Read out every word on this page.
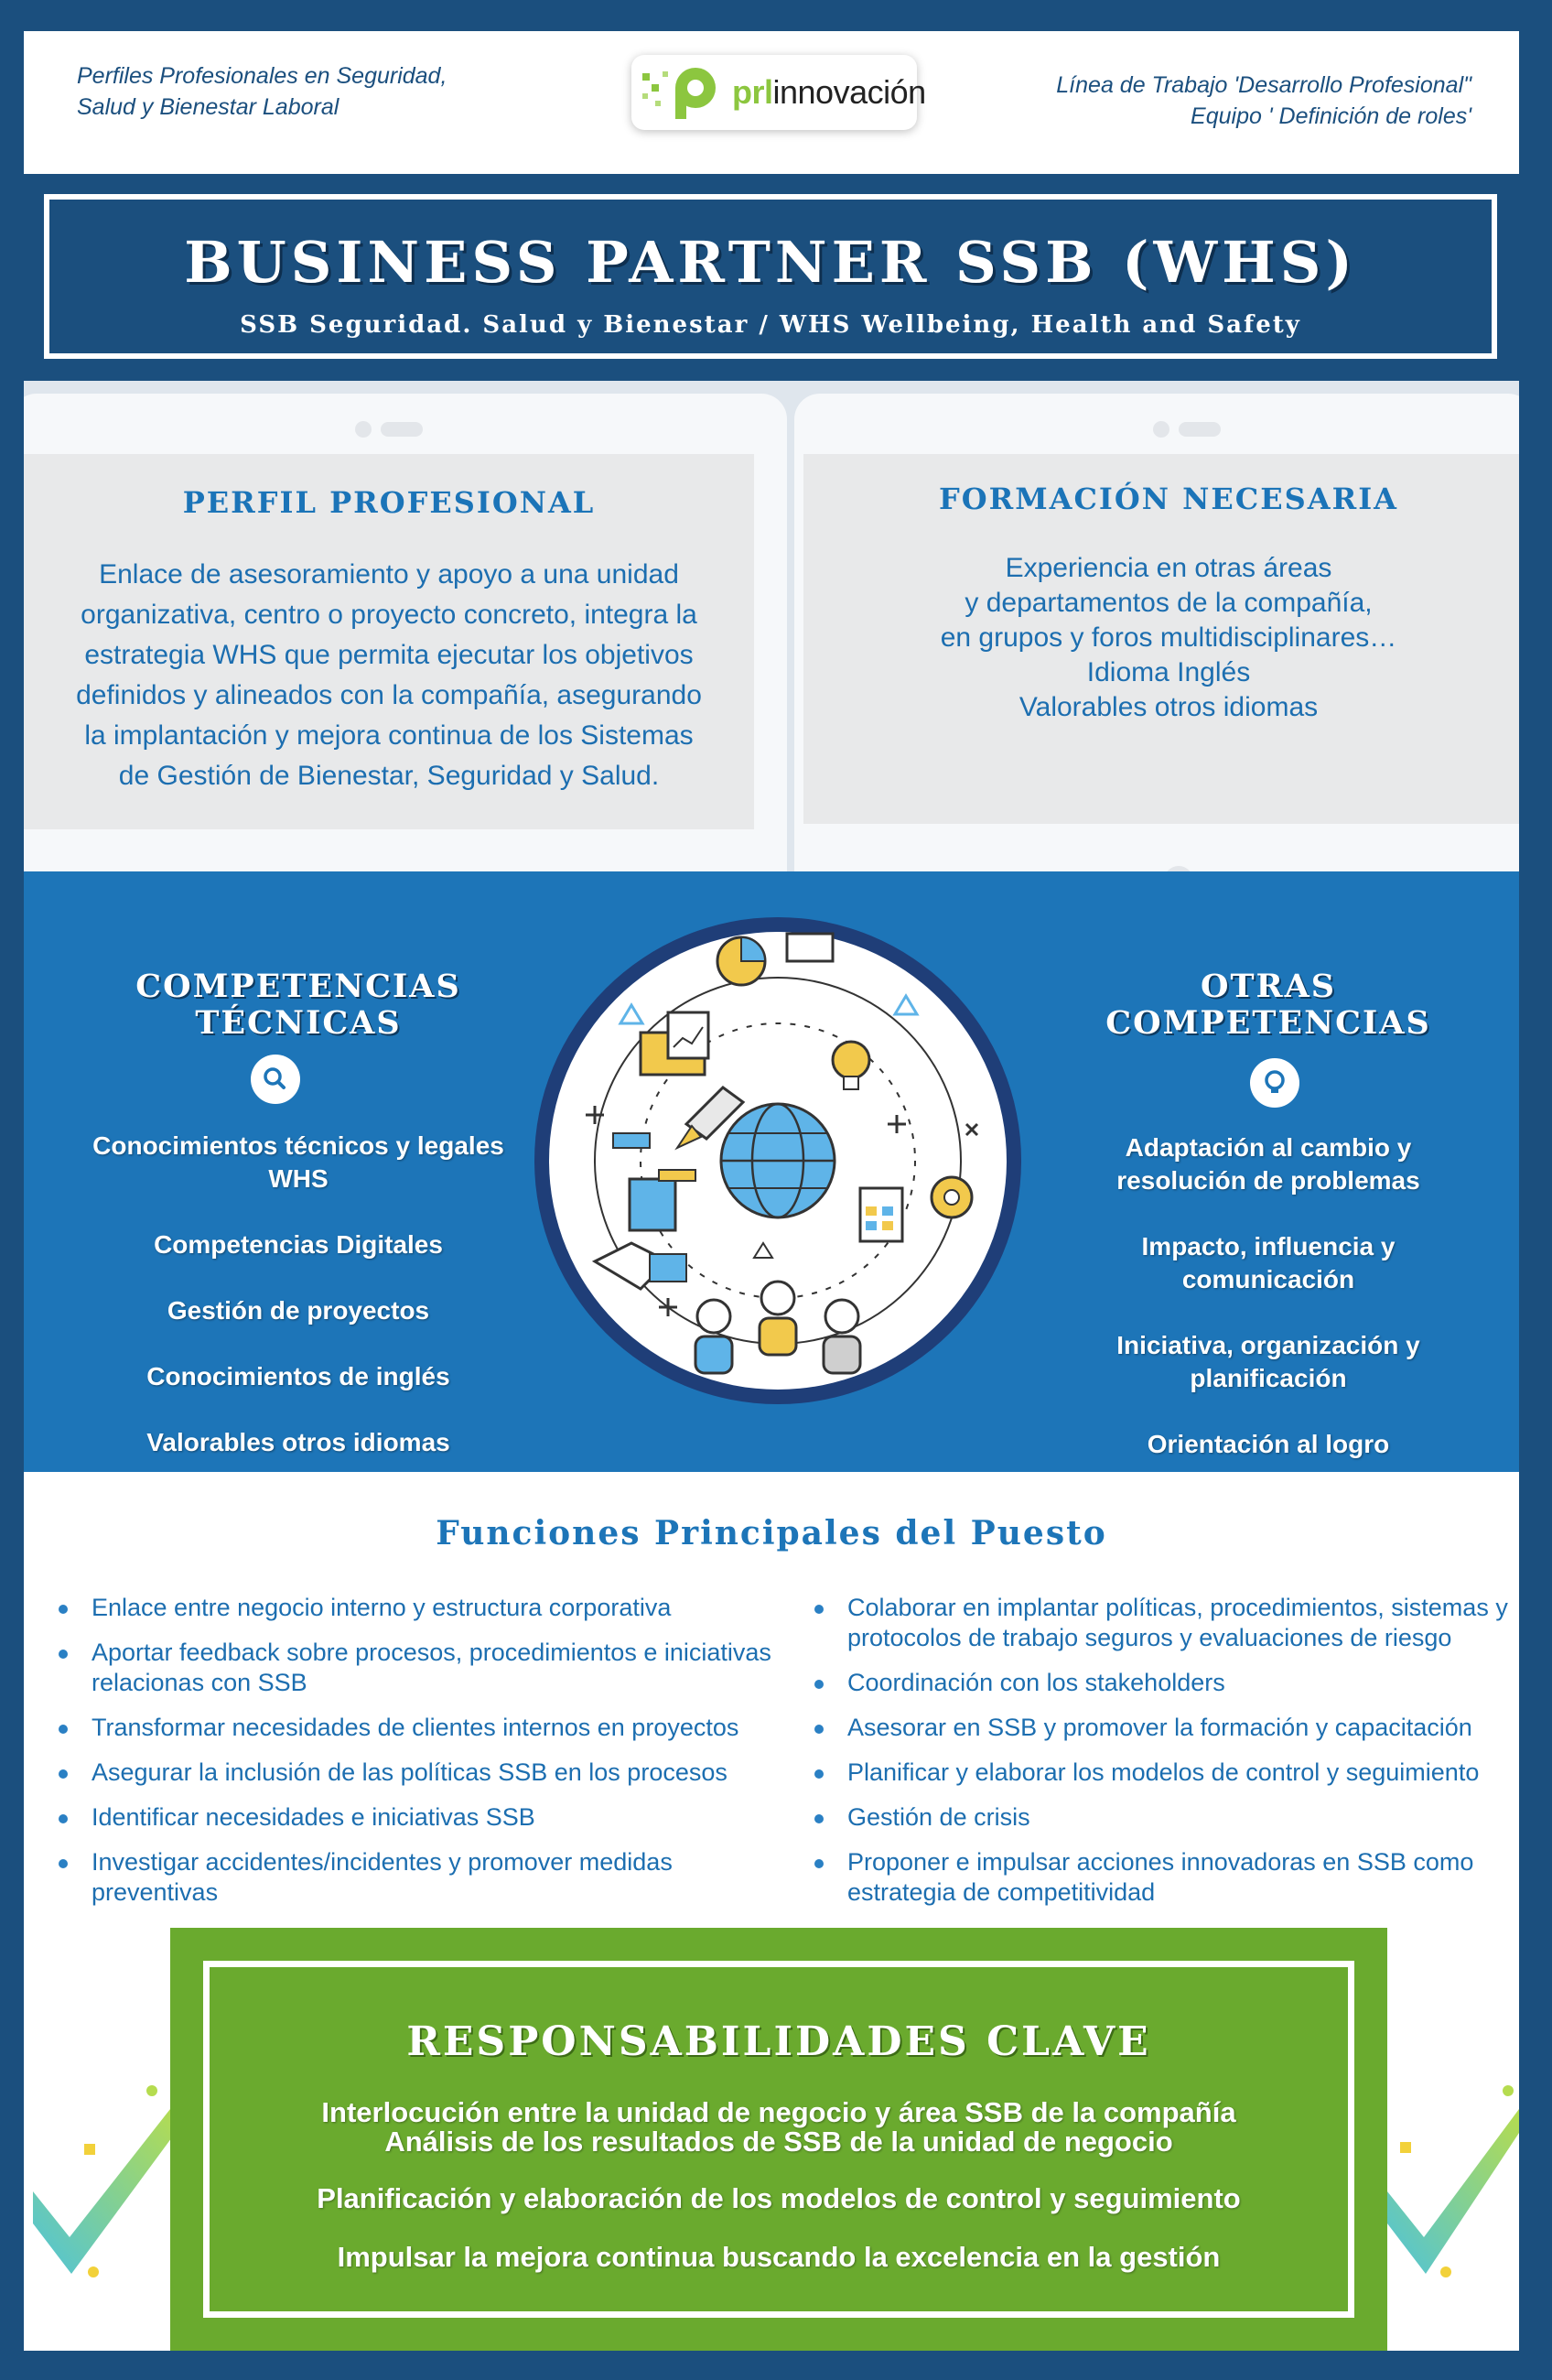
Perfiles Profesionales en Seguridad,
Salud y Bienestar Laboral	prlinnovación	Línea de Trabajo 'Desarrollo Profesional"
Equipo ' Definición de roles'
BUSINESS PARTNER SSB (WHS)
SSB Seguridad. Salud y Bienestar / WHS Wellbeing, Health and Safety
PERFIL PROFESIONAL
Enlace de asesoramiento y apoyo a una unidad
organizativa, centro o proyecto concreto, integra la
estrategia WHS que permita ejecutar los objetivos
definidos y alineados con la compañía, asegurando
la implantación y mejora continua de los Sistemas
de Gestión de Bienestar, Seguridad y Salud.
FORMACIÓN NECESARIA
Experiencia en otras áreas
y departamentos de la compañía,
en grupos y foros multidisciplinares…
Idioma Inglés
Valorables otros idiomas
COMPETENCIAS
TÉCNICAS
Conocimientos técnicos y legales WHS
Competencias Digitales
Gestión de proyectos
Conocimientos de inglés
Valorables otros idiomas
OTRAS
COMPETENCIAS
Adaptación al cambio y resolución de problemas
Impacto, influencia y comunicación
Iniciativa, organización y planificación
Orientación al logro
Funciones Principales del Puesto
Enlace entre negocio interno y estructura corporativa
Aportar feedback sobre procesos, procedimientos e iniciativas relacionas con SSB
Transformar necesidades de clientes internos en proyectos
Asegurar la inclusión de las políticas SSB en los procesos
Identificar necesidades e iniciativas SSB
Investigar accidentes/incidentes y promover medidas preventivas
Colaborar en implantar políticas, procedimientos, sistemas y protocolos de trabajo seguros y evaluaciones de riesgo
Coordinación con los stakeholders
Asesorar en SSB y promover la formación y capacitación
Planificar y elaborar los modelos de control y seguimiento
Gestión de crisis
Proponer e impulsar acciones innovadoras en SSB como estrategia de competitividad
RESPONSABILIDADES CLAVE
Interlocución entre la unidad de negocio y área SSB de la compañía
Análisis de los resultados de SSB de la unidad de negocio
Planificación y elaboración de los modelos de control y seguimiento
Impulsar la mejora continua buscando la excelencia en la gestión
